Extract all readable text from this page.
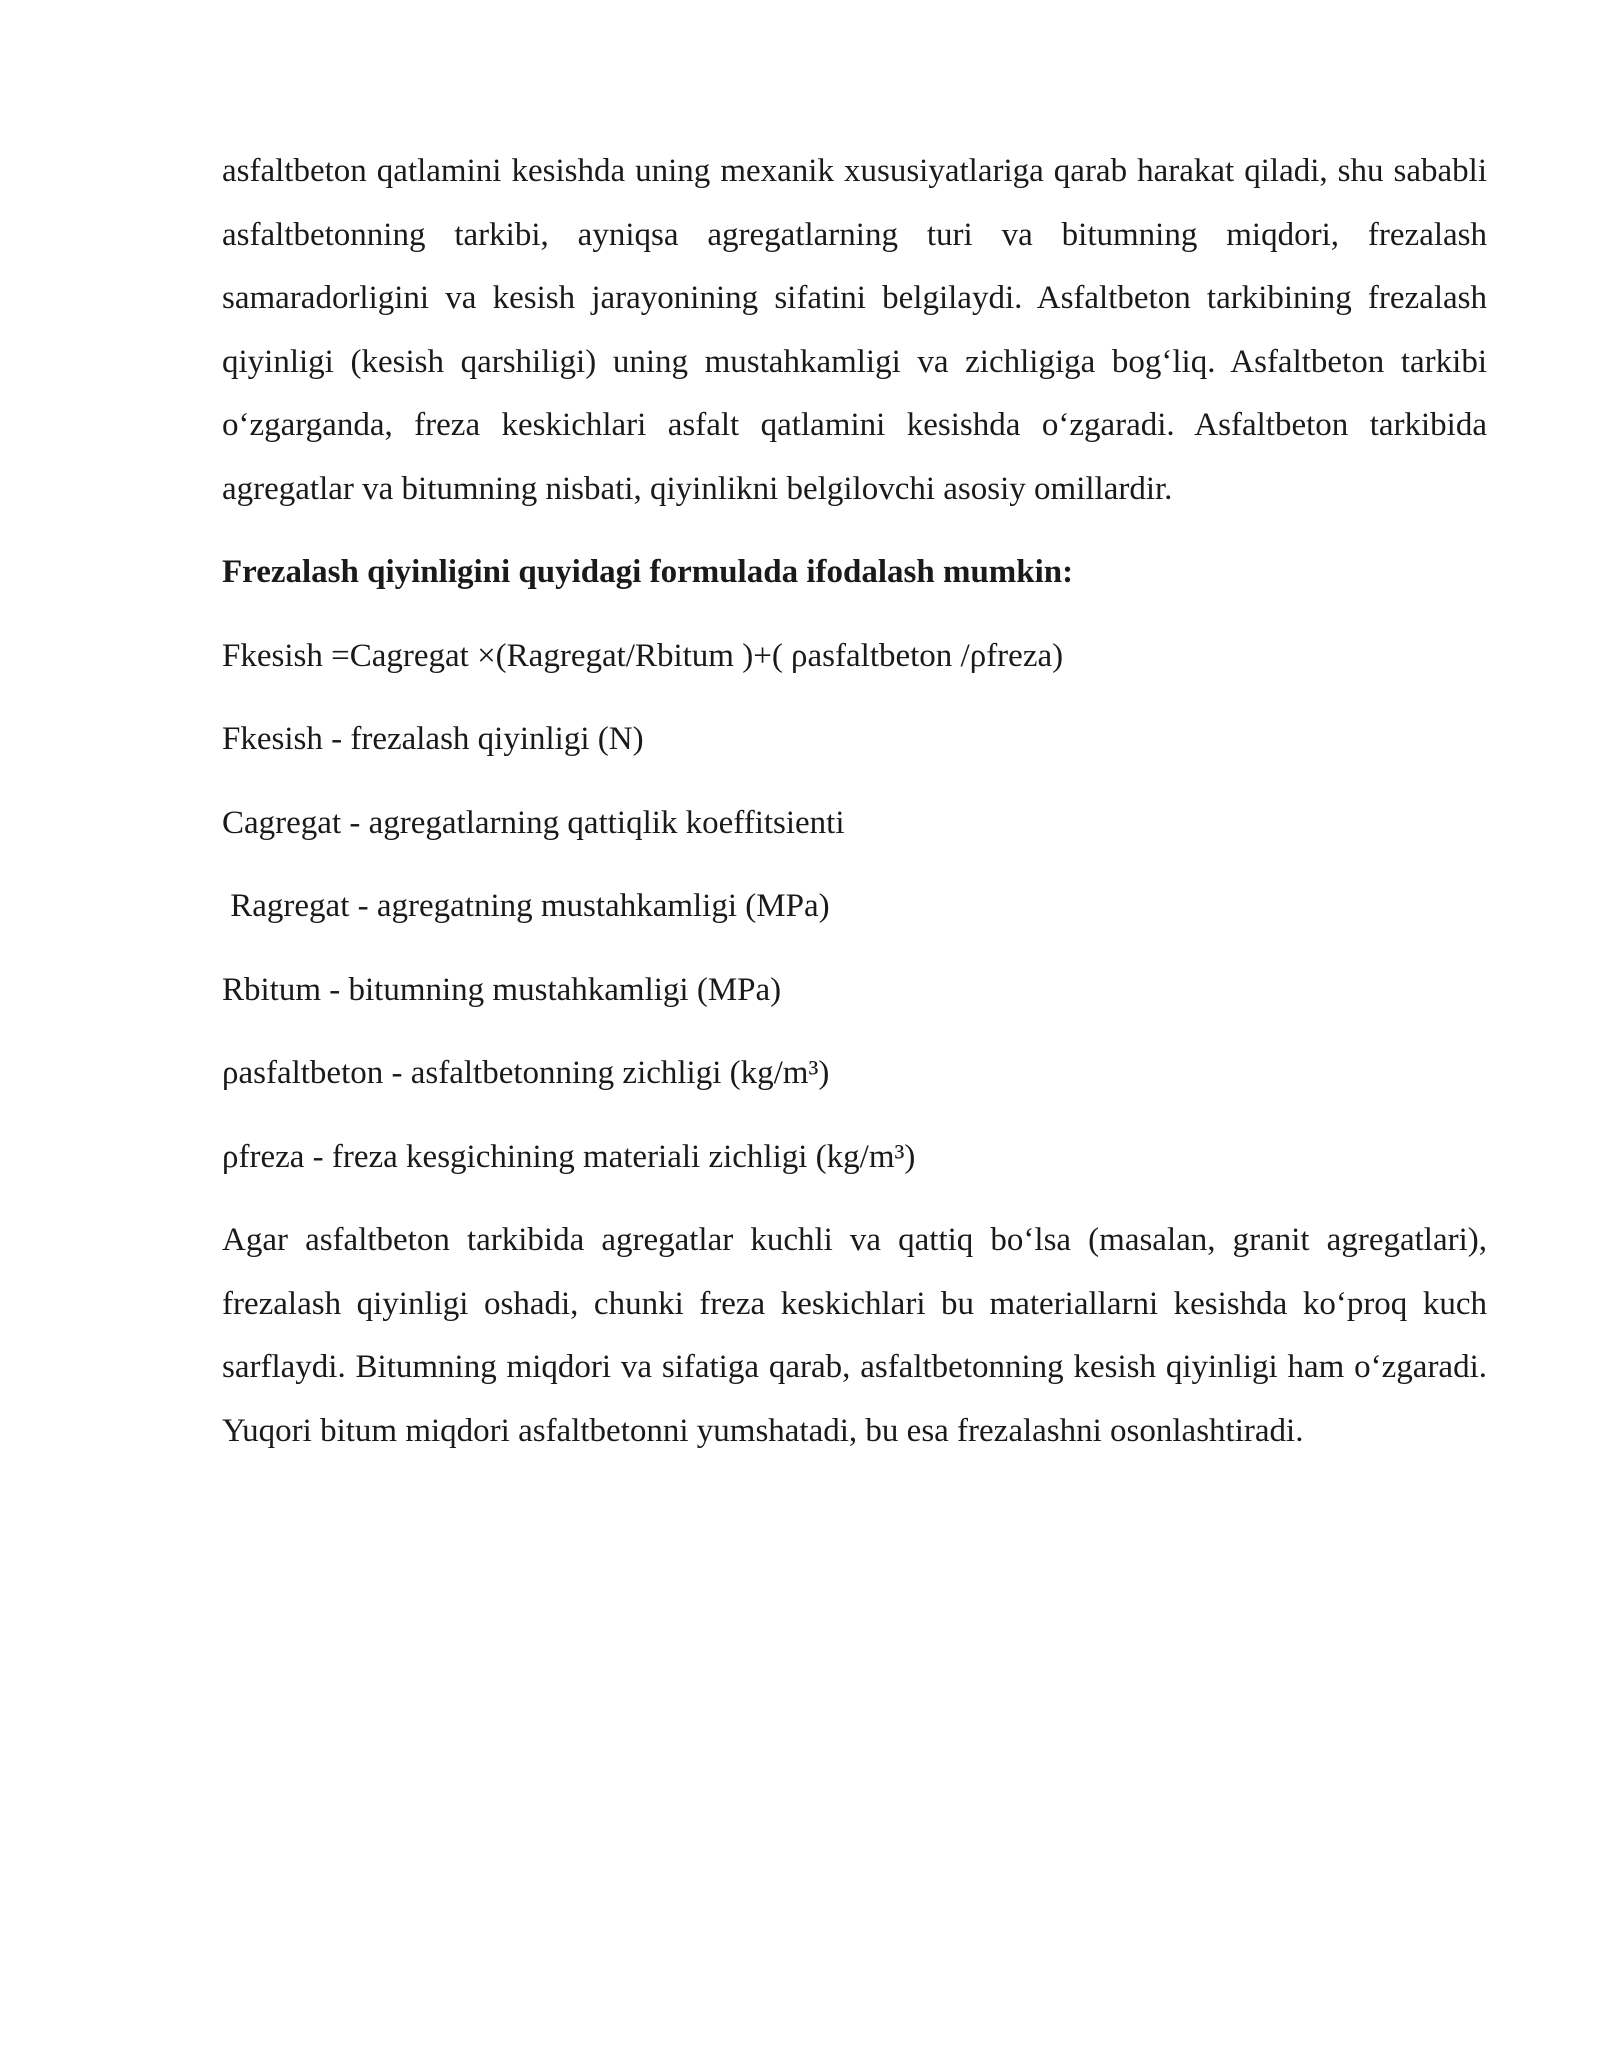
asfaltbeton qatlamini kesishda uning mexanik xususiyatlariga qarab harakat qiladi, shu sababli asfaltbetonning tarkibi, ayniqsa agregatlarning turi va bitumning miqdori, frezalash samaradorligini va kesish jarayonining sifatini belgilaydi. Asfaltbeton tarkibining frezalash qiyinligi (kesish qarshiligi) uning mustahkamligi va zichligiga bog‘liq. Asfaltbeton tarkibi o‘zgarganda, freza keskichlari asfalt qatlamini kesishda o‘zgaradi. Asfaltbeton tarkibida agregatlar va bitumning nisbati, qiyinlikni belgilovchi asosiy omillardir.

Frezalash qiyinligini quyidagi formulada ifodalash mumkin:

Fkesish =Cagregat ×(Ragregat/Rbitum )+( ρasfaltbeton /ρfreza)

Fkesish - frezalash qiyinligi (N)

Cagregat - agregatlarning qattiqlik koeffitsienti

Ragregat - agregatning mustahkamligi (MPa)

Rbitum - bitumning mustahkamligi (MPa)

ρasfaltbeton - asfaltbetonning zichligi (kg/m³)

ρfreza - freza kesgichining materiali zichligi (kg/m³)

Agar asfaltbeton tarkibida agregatlar kuchli va qattiq bo‘lsa (masalan, granit agregatlari), frezalash qiyinligi oshadi, chunki freza keskichlari bu materiallarni kesishda ko‘proq kuch sarflaydi. Bitumning miqdori va sifatiga qarab, asfaltbetonning kesish qiyinligi ham o‘zgaradi. Yuqori bitum miqdori asfaltbetonni yumshatadi, bu esa frezalashni osonlashtiradi.
